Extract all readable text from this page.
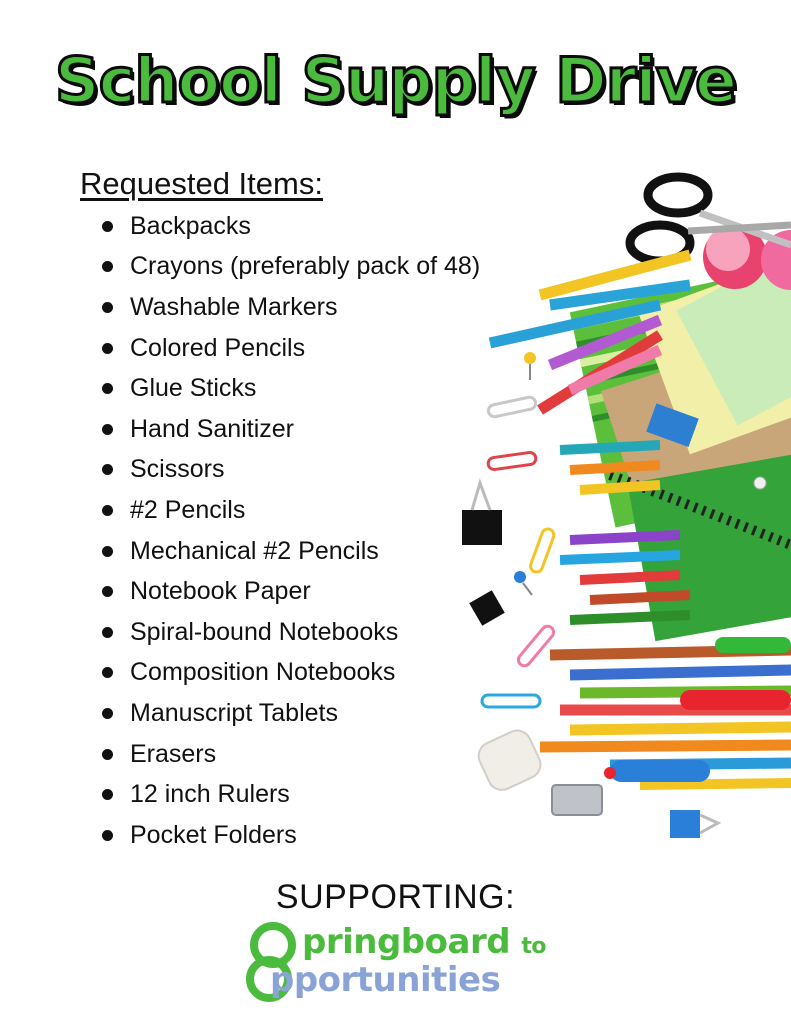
School Supply Drive
Requested Items:
Backpacks
Crayons (preferably pack of 48)
Washable Markers
Colored Pencils
Glue Sticks
Hand Sanitizer
Scissors
#2 Pencils
Mechanical #2 Pencils
Notebook Paper
Spiral-bound Notebooks
Composition Notebooks
Manuscript Tablets
Erasers
12 inch Rulers
Pocket Folders
SUPPORTING:
pringboard to
pportunities
